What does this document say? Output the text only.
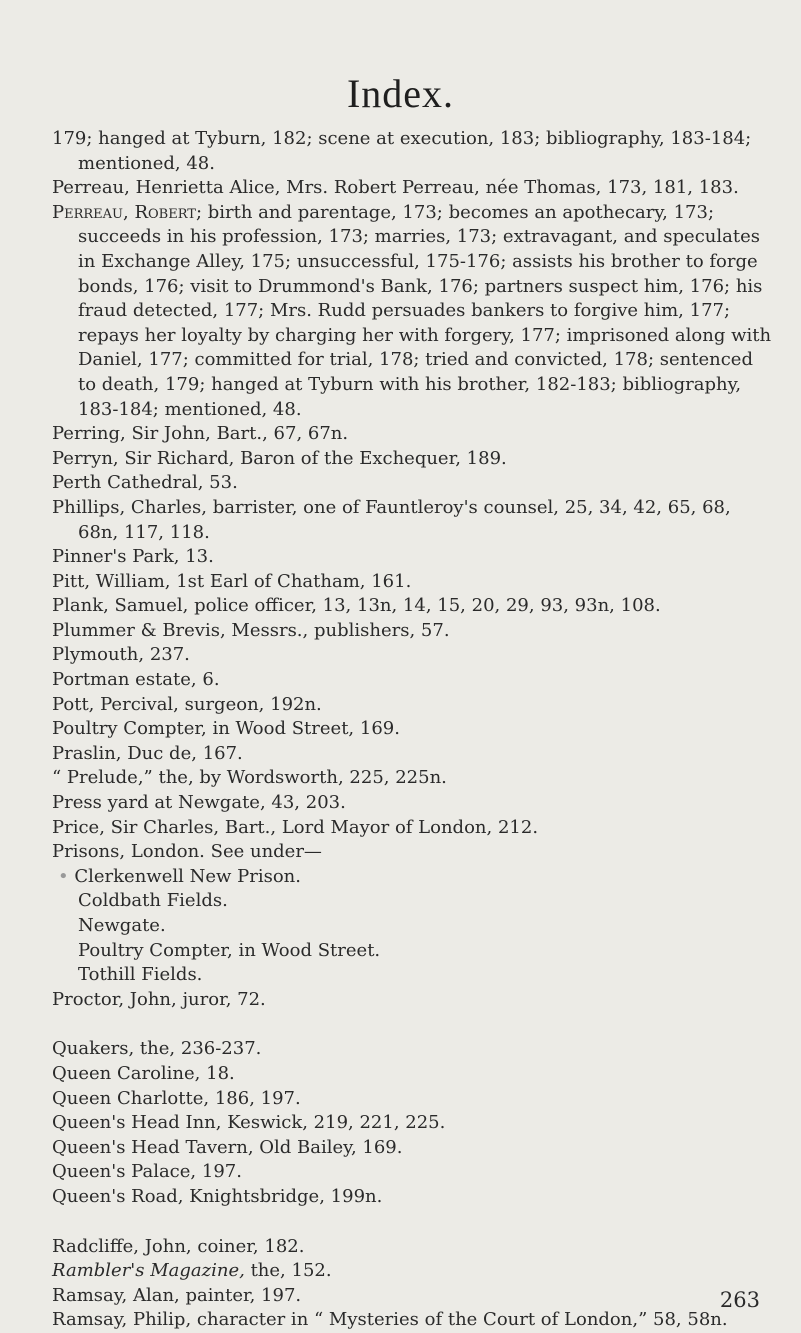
Index.

179; hanged at Tyburn, 182; scene at execution, 183; bibliography, 183-184; mentioned, 48.

Perreau, Henrietta Alice, Mrs. Robert Perreau, née Thomas, 173, 181, 183.

Perreau, Robert; birth and parentage, 173; becomes an apothecary, 173; succeeds in his profession, 173; marries, 173; extravagant, and speculates in Exchange Alley, 175; unsuccessful, 175-176; assists his brother to forge bonds, 176; visit to Drummond's Bank, 176; partners suspect him, 176; his fraud detected, 177; Mrs. Rudd persuades bankers to forgive him, 177; repays her loyalty by charging her with forgery, 177; imprisoned along with Daniel, 177; committed for trial, 178; tried and convicted, 178; sentenced to death, 179; hanged at Tyburn with his brother, 182-183; bibliography, 183-184; mentioned, 48.

Perring, Sir John, Bart., 67, 67n.

Perryn, Sir Richard, Baron of the Exchequer, 189.

Perth Cathedral, 53.

Phillips, Charles, barrister, one of Fauntleroy's counsel, 25, 34, 42, 65, 68, 68n, 117, 118.

Pinner's Park, 13.

Pitt, William, 1st Earl of Chatham, 161.

Plank, Samuel, police officer, 13, 13n, 14, 15, 20, 29, 93, 93n, 108.

Plummer & Brevis, Messrs., publishers, 57.

Plymouth, 237.

Portman estate, 6.

Pott, Percival, surgeon, 192n.

Poultry Compter, in Wood Street, 169.

Praslin, Duc de, 167.

“ Prelude,” the, by Wordsworth, 225, 225n.

Press yard at Newgate, 43, 203.

Price, Sir Charles, Bart., Lord Mayor of London, 212.

Prisons, London. See under—

• Clerkenwell New Prison.

Coldbath Fields.

Newgate.

Poultry Compter, in Wood Street.

Tothill Fields.

Proctor, John, juror, 72.

Quakers, the, 236-237.

Queen Caroline, 18.

Queen Charlotte, 186, 197.

Queen's Head Inn, Keswick, 219, 221, 225.

Queen's Head Tavern, Old Bailey, 169.

Queen's Palace, 197.

Queen's Road, Knightsbridge, 199n.

Radcliffe, John, coiner, 182.

Rambler's Magazine, the, 152.

Ramsay, Alan, painter, 197.

Ramsay, Philip, character in “ Mysteries of the Court of London,” 58, 58n.

263
